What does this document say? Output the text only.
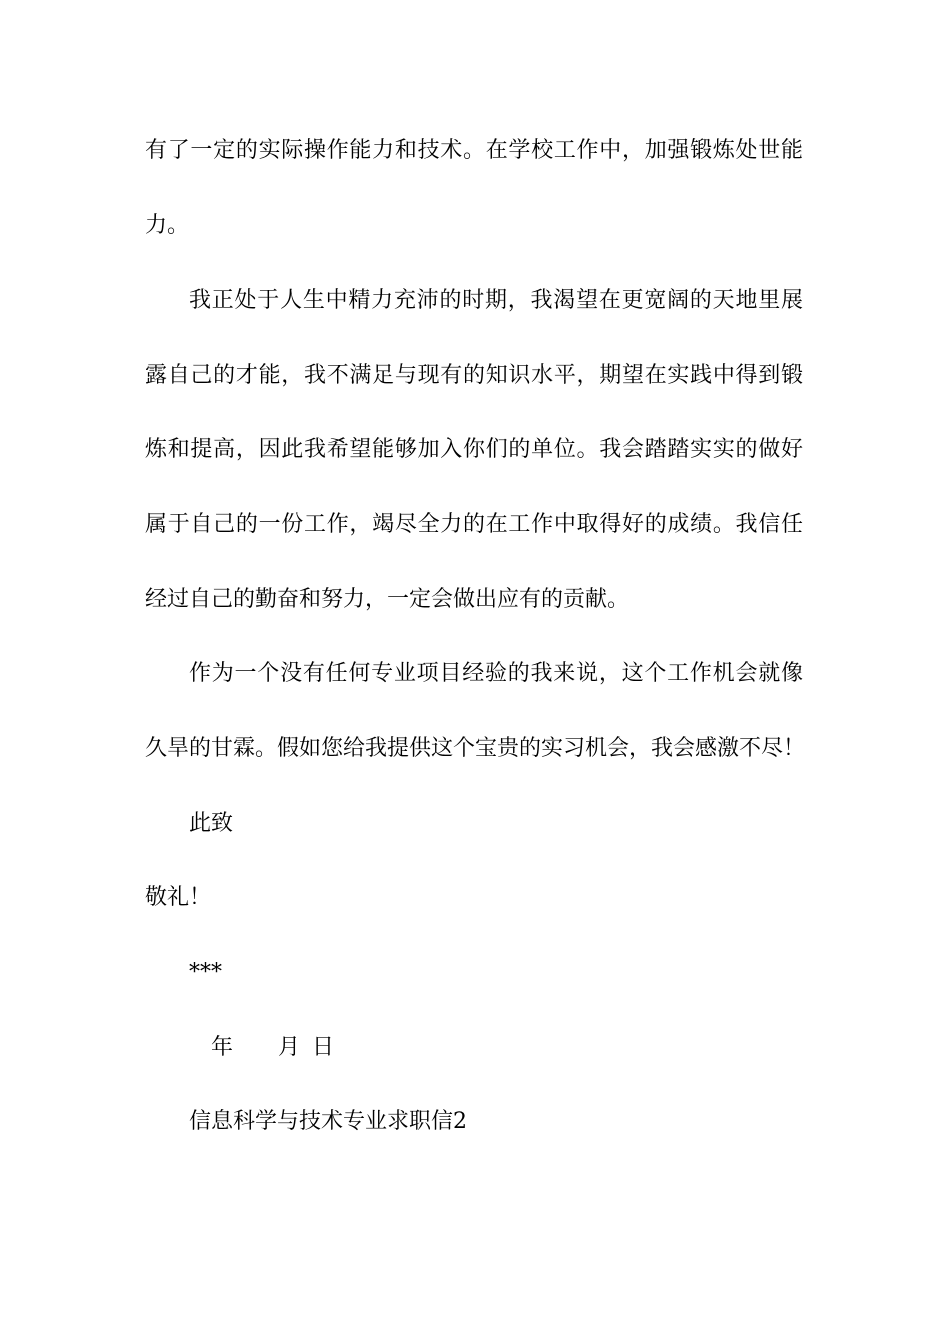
有了一定的实际操作能力和技术。在学校工作中，加强锻炼处世能
力。
我正处于人生中精力充沛的时期，我渴望在更宽阔的天地里展
露自己的才能，我不满足与现有的知识水平，期望在实践中得到锻
炼和提高，因此我希望能够加入你们的单位。我会踏踏实实的做好
属于自己的一份工作，竭尽全力的在工作中取得好的成绩。我信任
经过自己的勤奋和努力，一定会做出应有的贡献。
作为一个没有任何专业项目经验的我来说，这个工作机会就像
久旱的甘霖。假如您给我提供这个宝贵的实习机会，我会感激不尽！
此致
敬礼！
***
年 月 日
信息科学与技术专业求职信2
